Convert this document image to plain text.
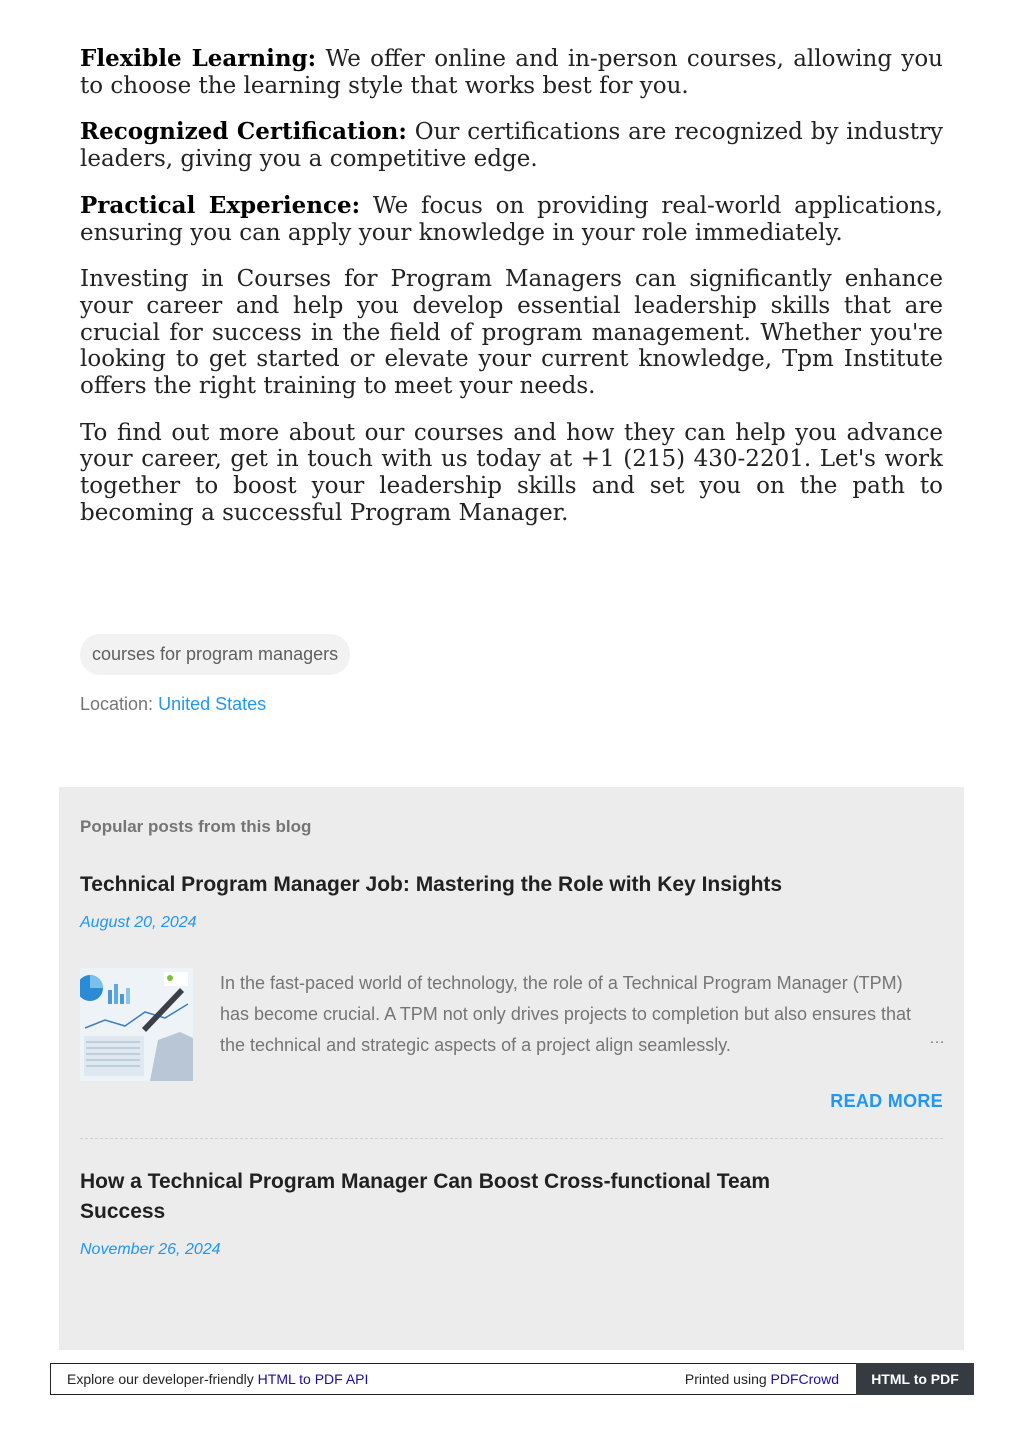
Flexible Learning: We offer online and in-person courses, allowing you to choose the learning style that works best for you.

Recognized Certification: Our certifications are recognized by industry leaders, giving you a competitive edge.

Practical Experience: We focus on providing real-world applications, ensuring you can apply your knowledge in your role immediately.

Investing in Courses for Program Managers can significantly enhance your career and help you develop essential leadership skills that are crucial for success in the field of program management. Whether you're looking to get started or elevate your current knowledge, Tpm Institute offers the right training to meet your needs.

To find out more about our courses and how they can help you advance your career, get in touch with us today at +1 (215) 430-2201. Let's work together to boost your leadership skills and set you on the path to becoming a successful Program Manager.

courses for program managers
Location: United States
Popular posts from this blog
Technical Program Manager Job: Mastering the Role with Key Insights
August 20, 2024
In the fast-paced world of technology, the role of a Technical Program Manager (TPM) has become crucial. A TPM not only drives projects to completion but also ensures that the technical and strategic aspects of a project align seamlessly.	…
READ MORE
How a Technical Program Manager Can Boost Cross-functional Team Success
November 26, 2024
Explore our developer-friendly HTML to PDF API	Printed using PDFCrowd	HTML to PDF
